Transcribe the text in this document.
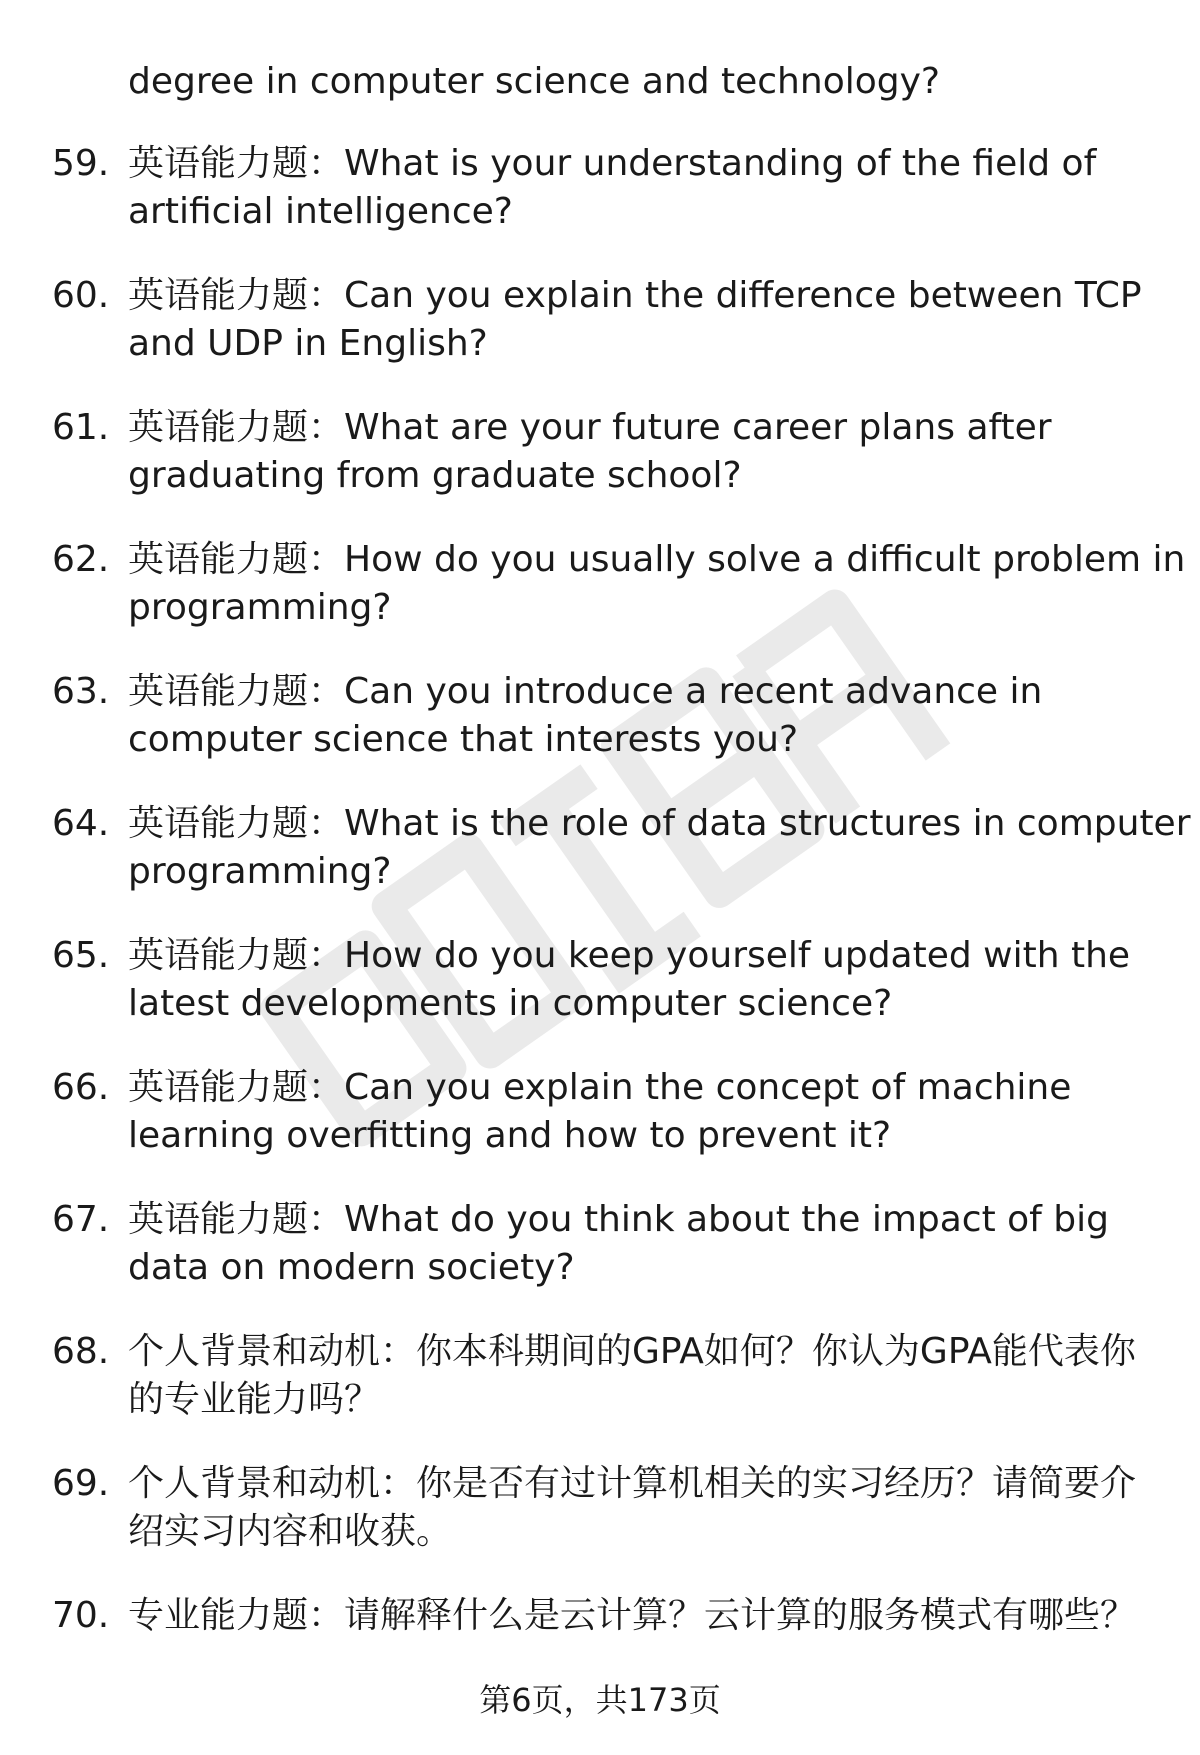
degree in computer science and technology?
59. 英语能力题：What is your understanding of the field of
artificial intelligence?
60. 英语能力题：Can you explain the difference between TCP
and UDP in English?
61. 英语能力题：What are your future career plans after
graduating from graduate school?
62. 英语能力题：How do you usually solve a difficult problem in
programming?
63. 英语能力题：Can you introduce a recent advance in
computer science that interests you?
64. 英语能力题：What is the role of data structures in computer
programming?
65. 英语能力题：How do you keep yourself updated with the
latest developments in computer science?
66. 英语能力题：Can you explain the concept of machine
learning overfitting and how to prevent it?
67. 英语能力题：What do you think about the impact of big
data on modern society?
68. 个人背景和动机：你本科期间的GPA如何？你认为GPA能代表你
的专业能力吗？
69. 个人背景和动机：你是否有过计算机相关的实习经历？请简要介
绍实习内容和收获。
70. 专业能力题：请解释什么是云计算？云计算的服务模式有哪些？
第6页，共173页
